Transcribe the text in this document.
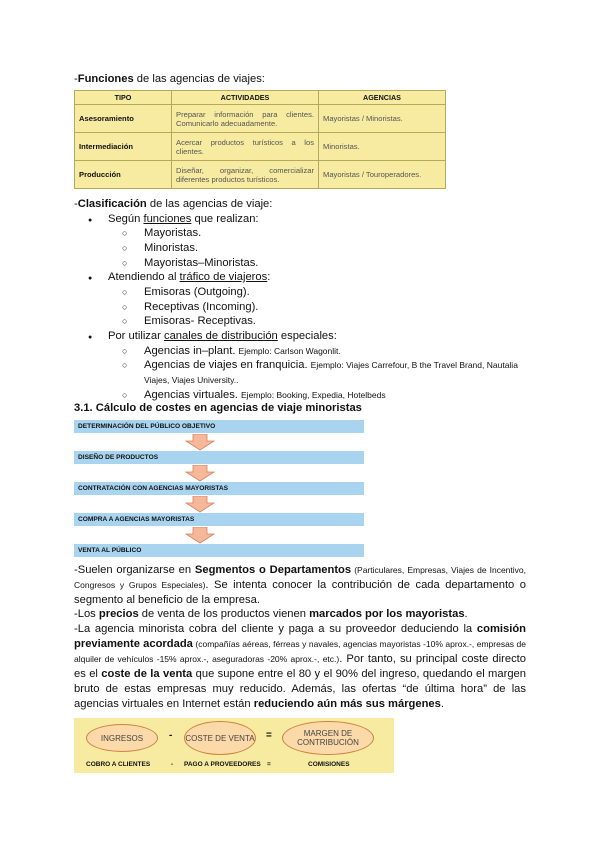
-Funciones de las agencias de viajes:
TIPO	ACTIVIDADES	AGENCIAS
Asesoramiento	Preparar información para clientes. Comunicarlo adecuadamente.	Mayoristas / Minoristas.
Intermediación	Acercar productos turísticos a los clientes.	Minoristas.
Producción	Diseñar, organizar, comercializar diferentes productos turísticos.	Mayoristas / Touroperadores.
-Clasificación de las agencias de viaje:
Según funciones que realizan:
Mayoristas.
Minoristas.
Mayoristas–Minoristas.
Atendiendo al tráfico de viajeros:
Emisoras (Outgoing).
Receptivas (Incoming).
Emisoras- Receptivas.
Por utilizar canales de distribución especiales:
Agencias in–plant. Ejemplo: Carlson Wagonlit.
Agencias de viajes en franquicia. Ejemplo: Viajes Carrefour, B the Travel Brand, Nautalia Viajes, Viajes University..
Agencias virtuales. Ejemplo: Booking, Expedia, Hotelbeds
3.1. Cálculo de costes en agencias de viaje minoristas
DETERMINACIÓN DEL PÚBLICO OBJETIVO
DISEÑO DE PRODUCTOS
CONTRATACIÓN CON AGENCIAS MAYORISTAS
COMPRA A AGENCIAS MAYORISTAS
VENTA AL PÚBLICO
-Suelen organizarse en Segmentos o Departamentos (Particulares, Empresas, Viajes de Incentivo, Congresos y Grupos Especiales). Se intenta conocer la contribución de cada departamento o segmento al beneficio de la empresa.
-Los precios de venta de los productos vienen marcados por los mayoristas.
-La agencia minorista cobra del cliente y paga a su proveedor deduciendo la comisión previamente acordada (compañías aéreas, férreas y navales, agencias mayoristas -10% aprox.-, empresas de alquiler de vehículos -15% aprox.-, aseguradoras -20% aprox.-, etc.). Por tanto, su principal coste directo es el coste de la venta que supone entre el 80 y el 90% del ingreso, quedando el margen bruto de estas empresas muy reducido. Además, las ofertas “de última hora” de las agencias virtuales en Internet están reduciendo aún más sus márgenes.
INGRESOS	- COSTE DE VENTA =	MARGEN DE CONTRIBUCIÓN
COBRO A CLIENTES	- PAGO A PROVEEDORES =	COMISIONES
